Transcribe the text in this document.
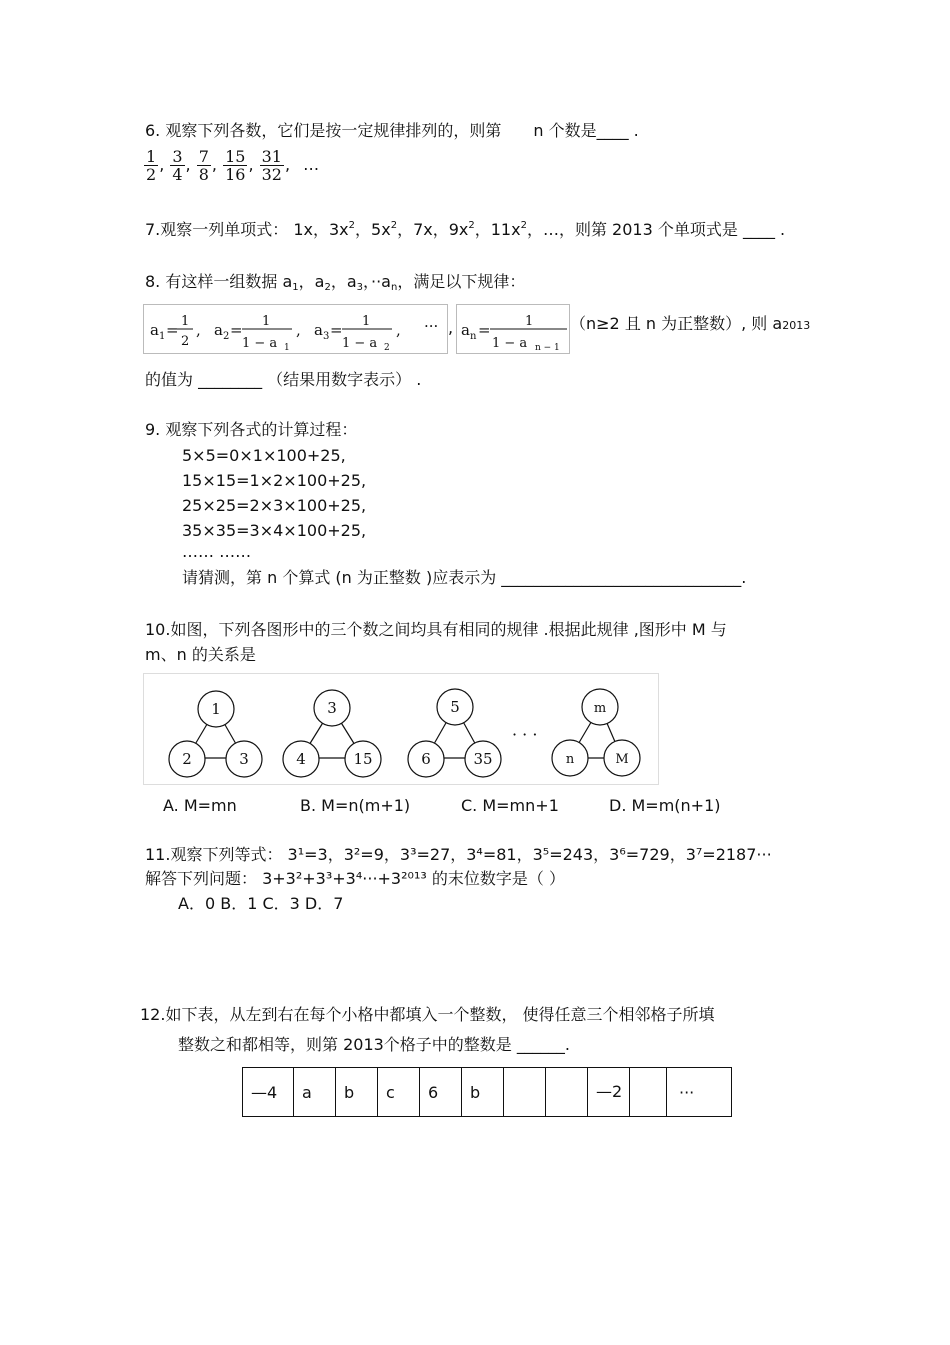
6. 观察下列各数，它们是按一定规律排列的，则第 n 个数是____ .
$\frac{1}{2}$ , $\frac{3}{4}$ , $\frac{7}{8}$ , $\frac{15}{16}$ , $\frac{31}{32}$ , …
7.观察一列单项式： 1x，$3x^2$，$5x^2$，7x，$9x^2$，$11x^2$，…，则第 2013 个单项式是 ____ .
8. 有这样一组数据 $a_1$，$a_2$，$a_3$，$\cdot\cdot a_n$，满足以下规律：
a 1 = 1
2
, a 2 = 1
1 − a 1
, a 3 = 1
1 − a 2
, ··· , a n =	1
1 − a n − 1
（n≥2 且 n 为正整数）, 则 a2013
的值为 ________ （结果用数字表示） .
9. 观察下列各式的计算过程：
5×5=0×1×100+25,
15×15=1×2×100+25,
25×25=2×3×100+25,
35×35=3×4×100+25,
…… ……
请猜测，第 n 个算式 (n 为正整数 )应表示为 ______________________________.
10.如图，下列各图形中的三个数之间均具有相同的规律 .根据此规律 ,图形中 M 与
m、n 的关系是
1
2	3
3
4	15
5
6	35
· · ·
m
n	M
A. M=mn	B. M=n(m+1)	C. M=mn+1	D. M=m(n+1)
11.观察下列等式： 3¹=3，3²=9，3³=27，3⁴=81，3⁵=243，3⁶=729，3⁷=2187···
解答下列问题： 3+3²+3³+3⁴···+3²⁰¹³ 的末位数字是（ ）
A．0 B．1 C．3 D．7
12.如下表，从左到右在每个小格中都填入一个整数， 使得任意三个相邻格子所填
整数之和都相等，则第 2013个格子中的整数是 ______.
—4	a	b	c	6	b			—2		···
